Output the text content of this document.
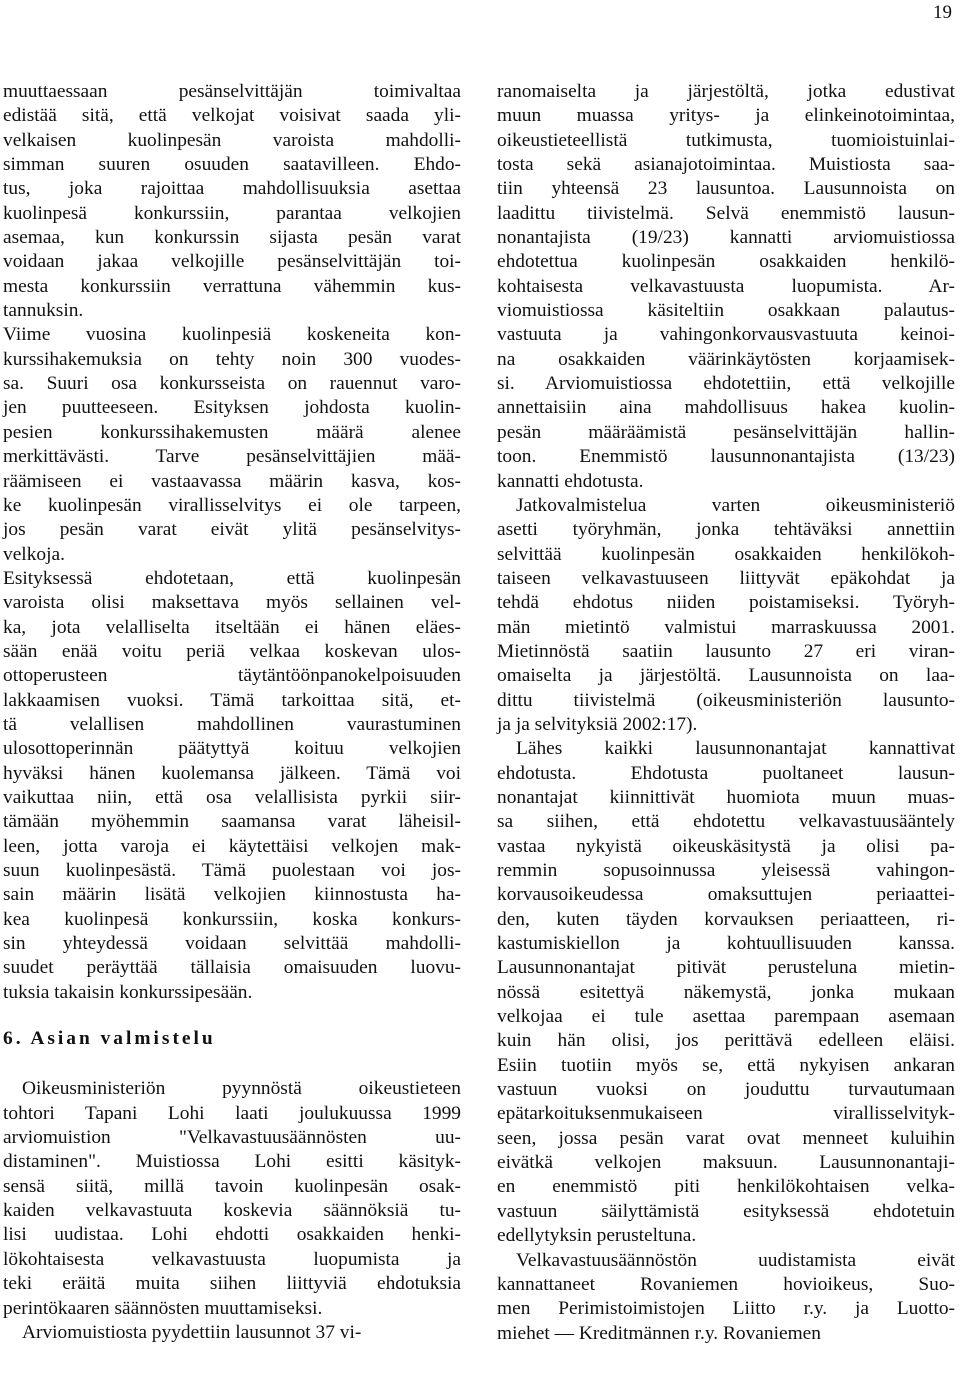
19
muuttaessaan pesänselvittäjän toimivaltaa
edistää sitä, että velkojat voisivat saada yli-
velkaisen kuolinpesän varoista mahdolli-
simman suuren osuuden saatavilleen. Ehdo-
tus, joka rajoittaa mahdollisuuksia asettaa
kuolinpesä konkurssiin, parantaa velkojien
asemaa, kun konkurssin sijasta pesän varat
voidaan jakaa velkojille pesänselvittäjän toi-
mesta konkurssiin verrattuna vähemmin kus-
tannuksin.
Viime vuosina kuolinpesiä koskeneita kon-
kurssihakemuksia on tehty noin 300 vuodes-
sa. Suuri osa konkursseista on rauennut varo-
jen puutteeseen. Esityksen johdosta kuolin-
pesien konkurssihakemusten määrä alenee
merkittävästi. Tarve pesänselvittäjien mää-
räämiseen ei vastaavassa määrin kasva, kos-
ke kuolinpesän virallisselvitys ei ole tarpeen,
jos pesän varat eivät ylitä pesänselvitys-
velkoja.
Esityksessä ehdotetaan, että kuolinpesän
varoista olisi maksettava myös sellainen vel-
ka, jota velalliselta itseltään ei hänen eläes-
sään enää voitu periä velkaa koskevan ulos-
ottoperusteen täytäntöönpanokelpoisuuden
lakkaamisen vuoksi. Tämä tarkoittaa sitä, et-
tä velallisen mahdollinen vaurastuminen
ulosottoperinnän päätyttyä koituu velkojien
hyväksi hänen kuolemansa jälkeen. Tämä voi
vaikuttaa niin, että osa velallisista pyrkii siir-
tämään myöhemmin saamansa varat läheisil-
leen, jotta varoja ei käytettäisi velkojen mak-
suun kuolinpesästä. Tämä puolestaan voi jos-
sain määrin lisätä velkojien kiinnostusta ha-
kea kuolinpesä konkurssiin, koska konkurs-
sin yhteydessä voidaan selvittää mahdolli-
suudet peräyttää tällaisia omaisuuden luovu-
tuksia takaisin konkurssipesään.
6. Asian valmistelu
Oikeusministeriön pyynnöstä oikeustieteen
tohtori Tapani Lohi laati joulukuussa 1999
arviomuistion "Velkavastuusäännösten uu-
distaminen". Muistiossa Lohi esitti käsityk-
sensä siitä, millä tavoin kuolinpesän osak-
kaiden velkavastuuta koskevia säännöksiä tu-
lisi uudistaa. Lohi ehdotti osakkaiden henki-
lökohtaisesta velkavastuusta luopumista ja
teki eräitä muita siihen liittyviä ehdotuksia
perintökaaren säännösten muuttamiseksi.
Arviomuistiosta pyydettiin lausunnot 37 vi-
ranomaiselta ja järjestöltä, jotka edustivat
muun muassa yritys- ja elinkeinotoimintaa,
oikeustieteellistä tutkimusta, tuomioistuinlai-
tosta sekä asianajotoimintaa. Muistiosta saa-
tiin yhteensä 23 lausuntoa. Lausunnoista on
laadittu tiivistelmä. Selvä enemmistö lausun-
nonantajista (19/23) kannatti arviomuistiossa
ehdotettua kuolinpesän osakkaiden henkilö-
kohtaisesta velkavastuusta luopumista. Ar-
viomuistiossa käsiteltiin osakkaan palautus-
vastuuta ja vahingonkorvausvastuuta keinoi-
na osakkaiden väärinkäytösten korjaamisek-
si. Arviomuistiossa ehdotettiin, että velkojille
annettaisiin aina mahdollisuus hakea kuolin-
pesän määräämistä pesänselvittäjän hallin-
toon. Enemmistö lausunnonantajista (13/23)
kannatti ehdotusta.
Jatkovalmistelua varten oikeusministeriö
asetti työryhmän, jonka tehtäväksi annettiin
selvittää kuolinpesän osakkaiden henkilökoh-
taiseen velkavastuuseen liittyvät epäkohdat ja
tehdä ehdotus niiden poistamiseksi. Työryh-
män mietintö valmistui marraskuussa 2001.
Mietinnöstä saatiin lausunto 27 eri viran-
omaiselta ja järjestöltä. Lausunnoista on laa-
dittu tiivistelmä (oikeusministeriön lausunto-
ja ja selvityksiä 2002:17).
Lähes kaikki lausunnonantajat kannattivat
ehdotusta. Ehdotusta puoltaneet lausun-
nonantajat kiinnittivät huomiota muun muas-
sa siihen, että ehdotettu velkavastuusääntely
vastaa nykyistä oikeuskäsitystä ja olisi pa-
remmin sopusoinnussa yleisessä vahingon-
korvausoikeudessa omaksuttujen periaattei-
den, kuten täyden korvauksen periaatteen, ri-
kastumiskiellon ja kohtuullisuuden kanssa.
Lausunnonantajat pitivät perusteluna mietin-
nössä esitettyä näkemystä, jonka mukaan
velkojaa ei tule asettaa parempaan asemaan
kuin hän olisi, jos perittävä edelleen eläisi.
Esiin tuotiin myös se, että nykyisen ankaran
vastuun vuoksi on jouduttu turvautumaan
epätarkoituksenmukaiseen virallisselvityk-
seen, jossa pesän varat ovat menneet kuluihin
eivätkä velkojen maksuun. Lausunnonantaji-
en enemmistö piti henkilökohtaisen velka-
vastuun säilyttämistä esityksessä ehdotetuin
edellytyksin perusteltuna.
Velkavastuusäännöstön uudistamista eivät
kannattaneet Rovaniemen hovioikeus, Suo-
men Perimistoimistojen Liitto r.y. ja Luotto-
miehet — Kreditmännen r.y. Rovaniemen
